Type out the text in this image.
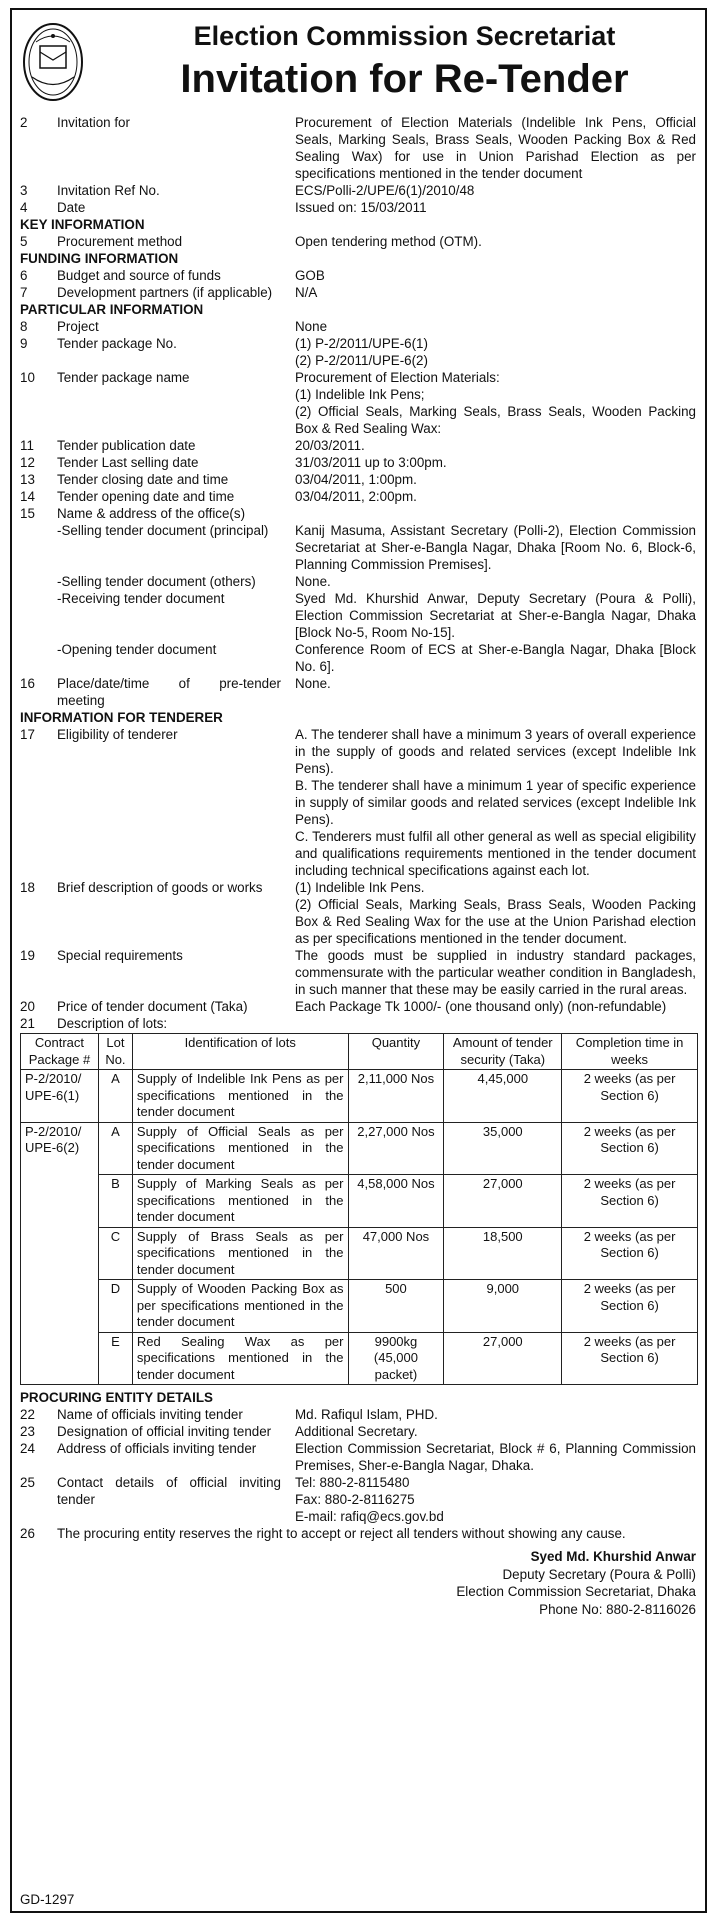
Election Commission Secretariat
Invitation for Re-Tender
2	Invitation for	Procurement of Election Materials (Indelible Ink Pens, Official Seals, Marking Seals, Brass Seals, Wooden Packing Box & Red Sealing Wax) for use in Union Parishad Election as per specifications mentioned in the tender document
3	Invitation Ref No.	ECS/Polli-2/UPE/6(1)/2010/48
4	Date	Issued on: 15/03/2011
KEY INFORMATION
5	Procurement method	Open tendering method (OTM).
FUNDING INFORMATION
6	Budget and source of funds	GOB
7	Development partners (if applicable)	N/A
PARTICULAR INFORMATION
8	Project	None
9	Tender package No.	(1) P-2/2011/UPE-6(1)
(2) P-2/2011/UPE-6(2)
10	Tender package name	Procurement of Election Materials:
(1) Indelible Ink Pens;
(2) Official Seals, Marking Seals, Brass Seals, Wooden Packing Box & Red Sealing Wax:
11	Tender publication date	20/03/2011.
12	Tender Last selling date	31/03/2011 up to 3:00pm.
13	Tender closing date and time	03/04/2011, 1:00pm.
14	Tender opening date and time	03/04/2011, 2:00pm.
15	Name & address of the office(s)
-Selling tender document (principal)	Kanij Masuma, Assistant Secretary (Polli-2), Election Commission Secretariat at Sher-e-Bangla Nagar, Dhaka [Room No. 6, Block-6, Planning Commission Premises].
-Selling tender document (others)	None.
-Receiving tender document	Syed Md. Khurshid Anwar, Deputy Secretary (Poura & Polli), Election Commission Secretariat at Sher-e-Bangla Nagar, Dhaka [Block No-5, Room No-15].
-Opening tender document	Conference Room of ECS at Sher-e-Bangla Nagar, Dhaka [Block No. 6].
16	Place/date/time of pre-tender meeting
None.
INFORMATION FOR TENDERER
17	Eligibility of tenderer	A. The tenderer shall have a minimum 3 years of overall experience in the supply of goods and related services (except Indelible Ink Pens).
B. The tenderer shall have a minimum 1 year of specific experience in supply of similar goods and related services (except Indelible Ink Pens).
C. Tenderers must fulfil all other general as well as special eligibility and qualifications requirements mentioned in the tender document including technical specifications against each lot.
18	Brief description of goods or works	(1) Indelible Ink Pens.
(2) Official Seals, Marking Seals, Brass Seals, Wooden Packing Box & Red Sealing Wax for the use at the Union Parishad election as per specifications mentioned in the tender document.
19	Special requirements	The goods must be supplied in industry standard packages, commensurate with the particular weather condition in Bangladesh, in such manner that these may be easily carried in the rural areas.
20	Price of tender document (Taka)	Each Package Tk 1000/- (one thousand only) (non-refundable)
21	Description of lots:
Contract Package #	Lot No.	Identification of lots	Quantity	Amount of tender security (Taka)	Completion time in weeks
P-2/2010/ UPE-6(1)	A	Supply of Indelible Ink Pens as per specifications mentioned in the tender document	2,11,000 Nos	4,45,000	2 weeks (as per Section 6)
P-2/2010/ UPE-6(2)	A	Supply of Official Seals as per specifications mentioned in the tender document	2,27,000 Nos	35,000	2 weeks (as per Section 6)
	B	Supply of Marking Seals as per specifications mentioned in the tender document	4,58,000 Nos	27,000	2 weeks (as per Section 6)
	C	Supply of Brass Seals as per specifications mentioned in the tender document	47,000 Nos	18,500	2 weeks (as per Section 6)
	D	Supply of Wooden Packing Box as per specifications mentioned in the tender document	500	9,000	2 weeks (as per Section 6)
	E	Red Sealing Wax as per specifications mentioned in the tender document	9900kg (45,000 packet)	27,000	2 weeks (as per Section 6)
PROCURING ENTITY DETAILS
22	Name of officials inviting tender	Md. Rafiqul Islam, PHD.
23	Designation of official inviting tender	Additional Secretary.
24	Address of officials inviting tender	Election Commission Secretariat, Block # 6, Planning Commission Premises, Sher-e-Bangla Nagar, Dhaka.
25	Contact details of official inviting tender
Tel: 880-2-8115480
Fax: 880-2-8116275
E-mail: rafiq@ecs.gov.bd
26	The procuring entity reserves the right to accept or reject all tenders without showing any cause.
Syed Md. Khurshid Anwar
Deputy Secretary (Poura & Polli)
Election Commission Secretariat, Dhaka
Phone No: 880-2-8116026
GD-1297
